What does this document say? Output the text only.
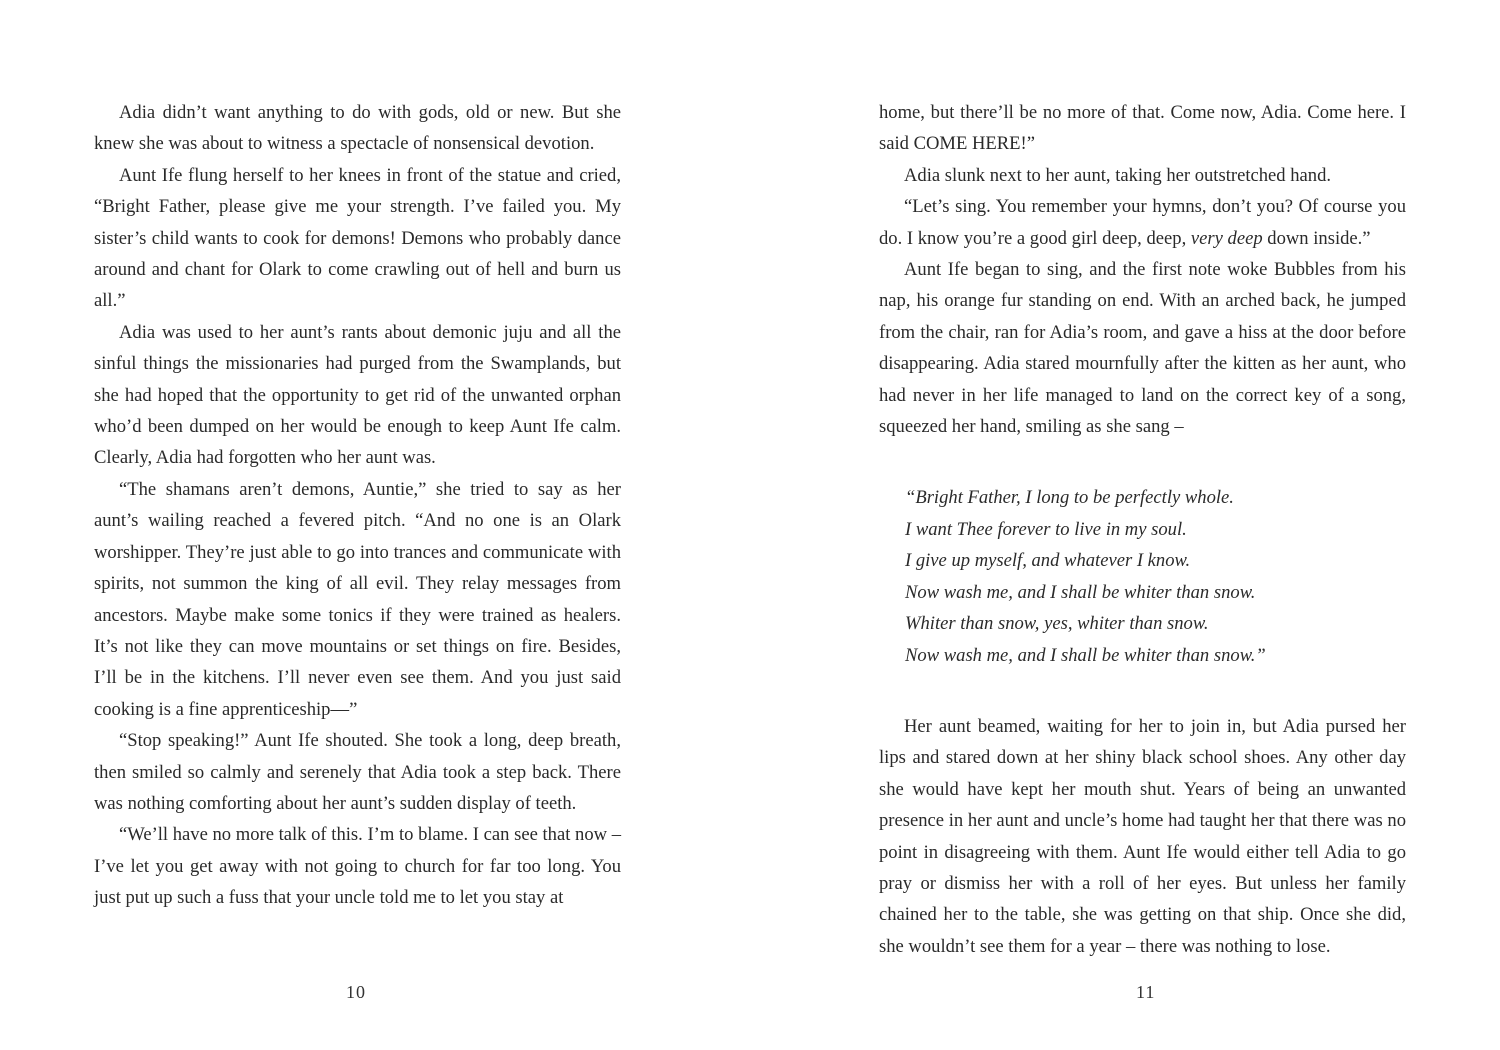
Adia didn’t want anything to do with gods, old or new. But she knew she was about to witness a spectacle of nonsensical devotion.

Aunt Ife flung herself to her knees in front of the statue and cried, “Bright Father, please give me your strength. I’ve failed you. My sister’s child wants to cook for demons! Demons who probably dance around and chant for Olark to come crawling out of hell and burn us all.”

Adia was used to her aunt’s rants about demonic juju and all the sinful things the missionaries had purged from the Swamplands, but she had hoped that the opportunity to get rid of the unwanted orphan who’d been dumped on her would be enough to keep Aunt Ife calm. Clearly, Adia had forgotten who her aunt was.

“The shamans aren’t demons, Auntie,” she tried to say as her aunt’s wailing reached a fevered pitch. “And no one is an Olark worshipper. They’re just able to go into trances and communicate with spirits, not summon the king of all evil. They relay messages from ancestors. Maybe make some tonics if they were trained as healers. It’s not like they can move mountains or set things on fire. Besides, I’ll be in the kitchens. I’ll never even see them. And you just said cooking is a fine apprenticeship—”

“Stop speaking!” Aunt Ife shouted. She took a long, deep breath, then smiled so calmly and serenely that Adia took a step back. There was nothing comforting about her aunt’s sudden display of teeth.

“We’ll have no more talk of this. I’m to blame. I can see that now – I’ve let you get away with not going to church for far too long. You just put up such a fuss that your uncle told me to let you stay at

10

home, but there’ll be no more of that. Come now, Adia. Come here. I said COME HERE!”

Adia slunk next to her aunt, taking her outstretched hand.

“Let’s sing. You remember your hymns, don’t you? Of course you do. I know you’re a good girl deep, deep, very deep down inside.”

Aunt Ife began to sing, and the first note woke Bubbles from his nap, his orange fur standing on end. With an arched back, he jumped from the chair, ran for Adia’s room, and gave a hiss at the door before disappearing. Adia stared mournfully after the kitten as her aunt, who had never in her life managed to land on the correct key of a song, squeezed her hand, smiling as she sang –

“Bright Father, I long to be perfectly whole.
I want Thee forever to live in my soul.
I give up myself, and whatever I know.
Now wash me, and I shall be whiter than snow.
Whiter than snow, yes, whiter than snow.
Now wash me, and I shall be whiter than snow.”

Her aunt beamed, waiting for her to join in, but Adia pursed her lips and stared down at her shiny black school shoes. Any other day she would have kept her mouth shut. Years of being an unwanted presence in her aunt and uncle’s home had taught her that there was no point in disagreeing with them. Aunt Ife would either tell Adia to go pray or dismiss her with a roll of her eyes. But unless her family chained her to the table, she was getting on that ship. Once she did, she wouldn’t see them for a year – there was nothing to lose.

11
